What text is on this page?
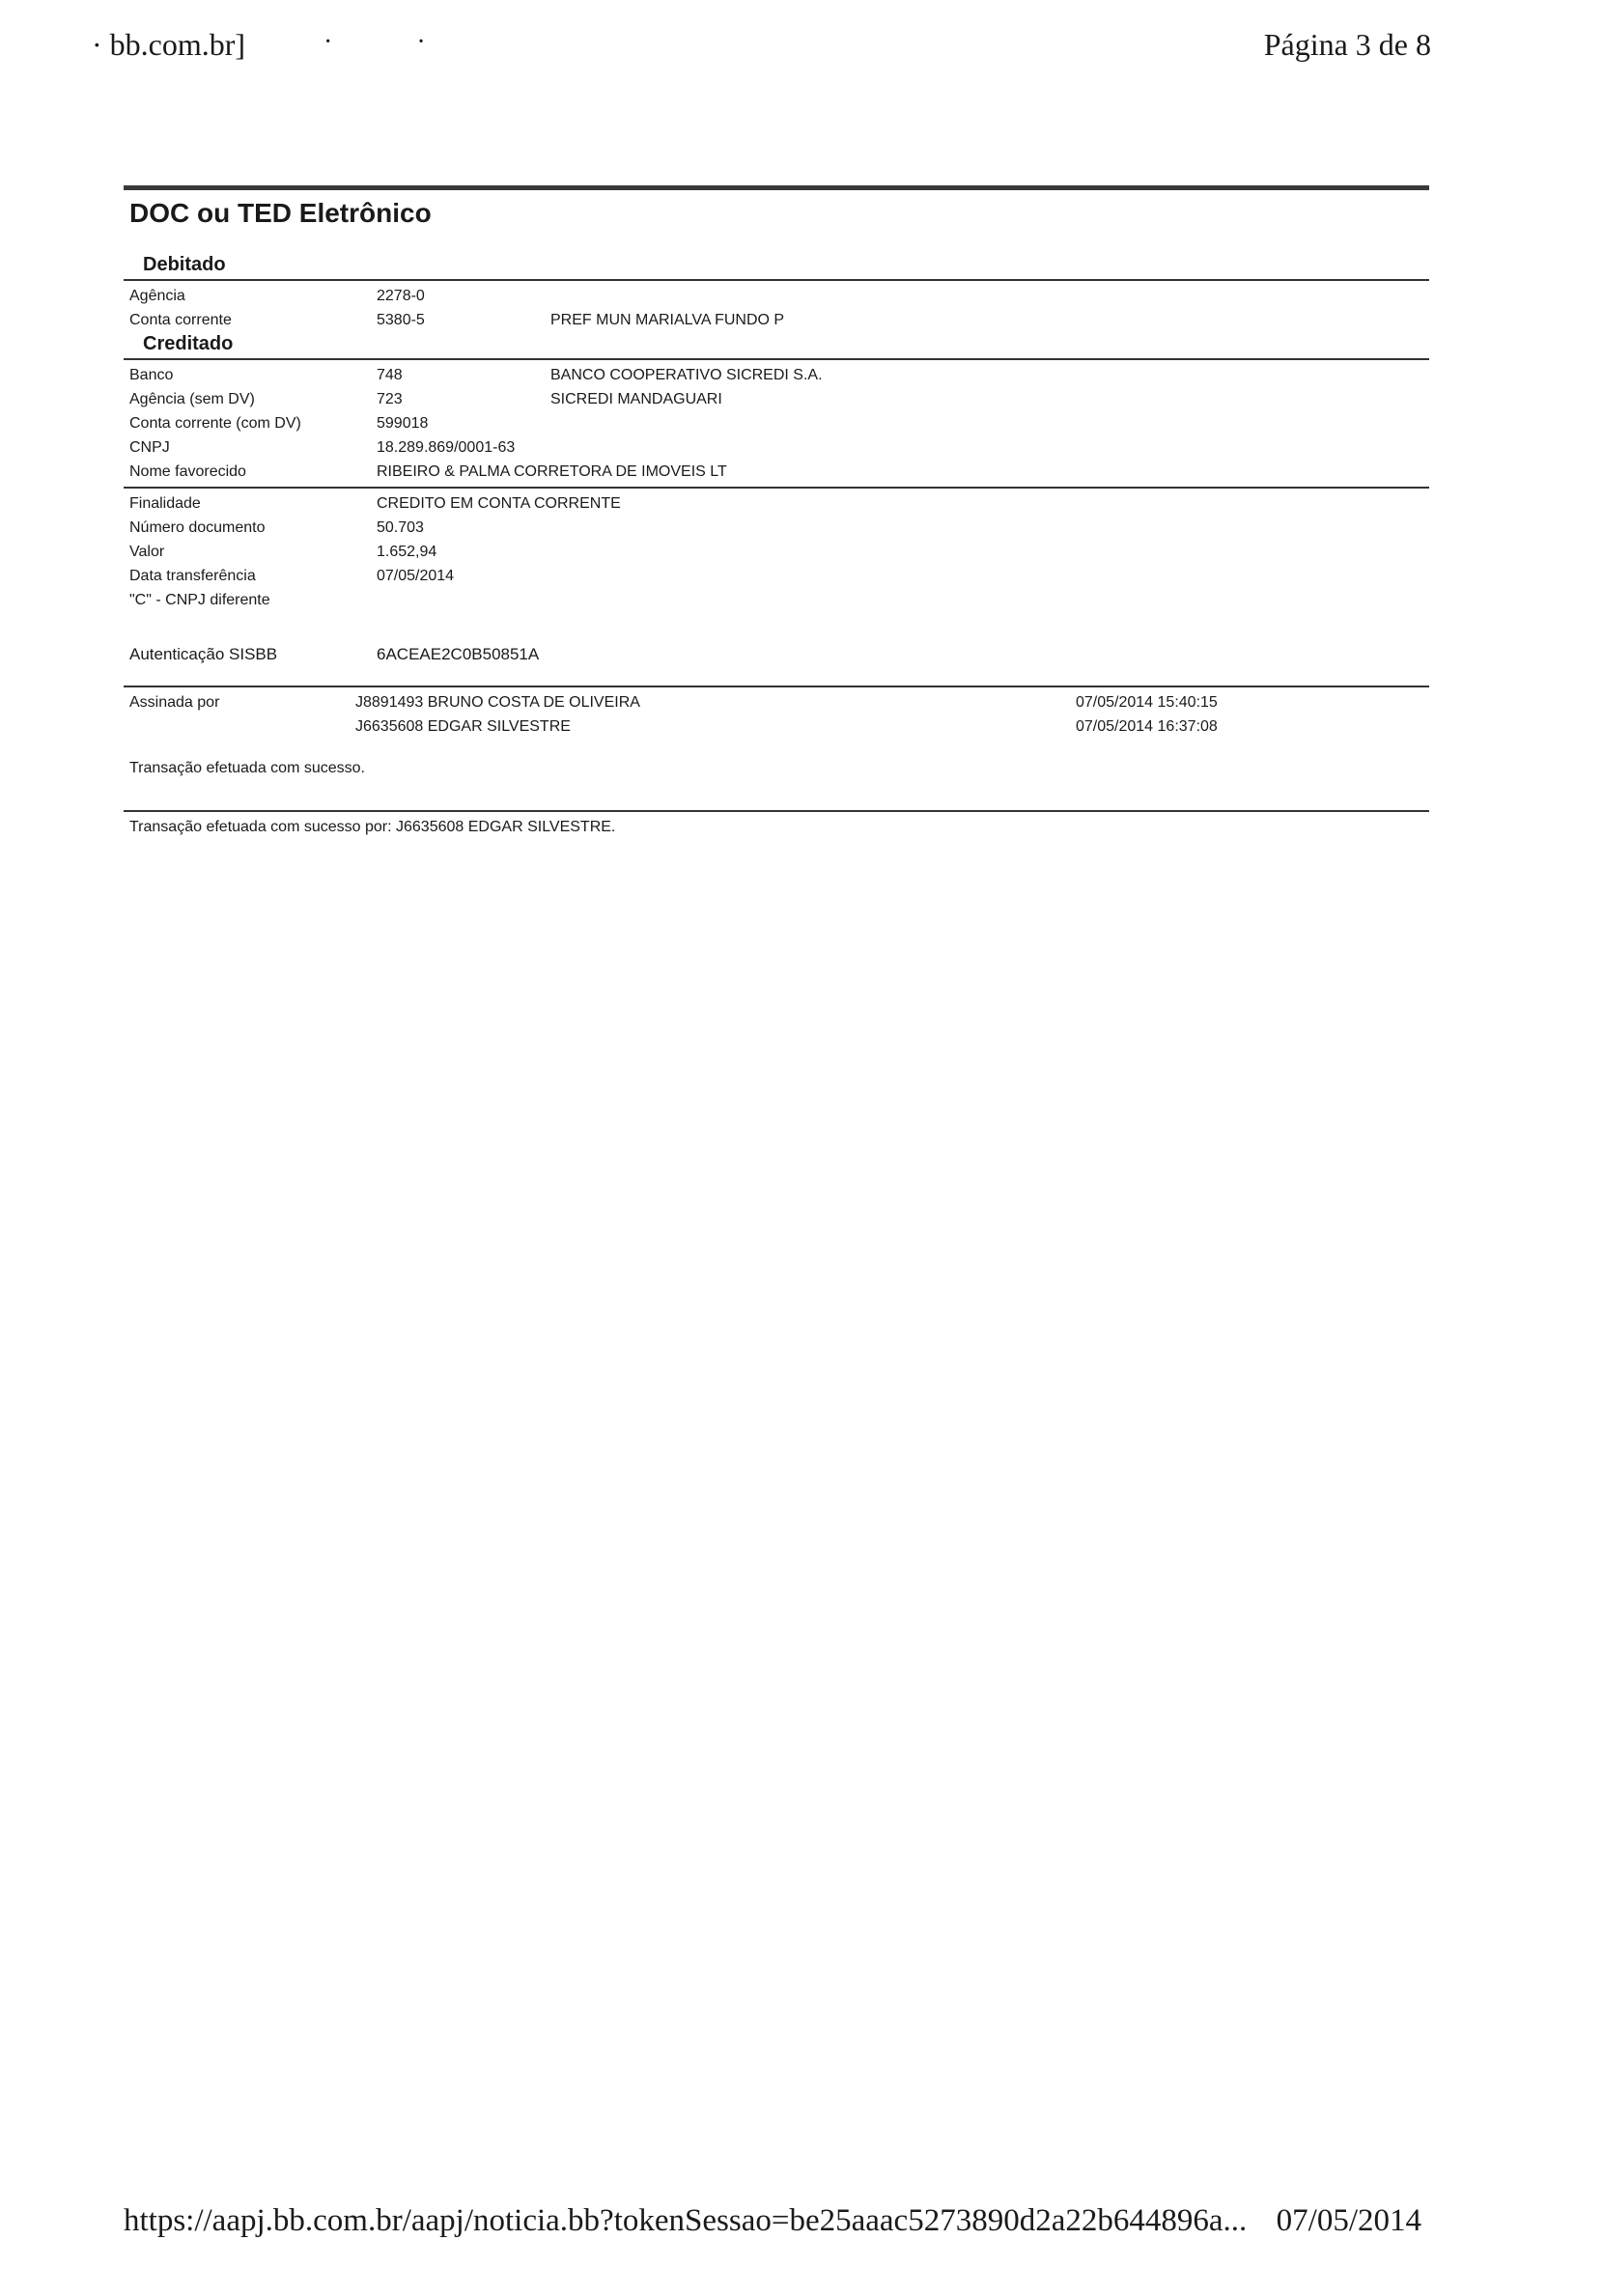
· ⁠bb.com.br]	· ·	Página 3 de 8
DOC ou TED Eletrônico
Debitado
Agência	2278-0
Conta corrente	5380-5	PREF MUN MARIALVA FUNDO P
Creditado
Banco	748	BANCO COOPERATIVO SICREDI S.A.
Agência (sem DV)	723	SICREDI MANDAGUARI
Conta corrente (com DV)	599018
CNPJ	18.289.869/0001-63
Nome favorecido	RIBEIRO & PALMA CORRETORA DE IMOVEIS LT
Finalidade	CREDITO EM CONTA CORRENTE
Número documento	50.703
Valor	1.652,94
Data transferência	07/05/2014
"C" - CNPJ diferente
Autenticação SISBB	6ACEAE2C0B50851A
Assinada por	J8891493 BRUNO COSTA DE OLIVEIRA	07/05/2014 15:40:15
J6635608 EDGAR SILVESTRE	07/05/2014 16:37:08
Transação efetuada com sucesso.
Transação efetuada com sucesso por: J6635608 EDGAR SILVESTRE.
https://aapj.bb.com.br/aapj/noticia.bb?tokenSessao=be25aaac5273890d2a22b644896a... 07/05/2014
